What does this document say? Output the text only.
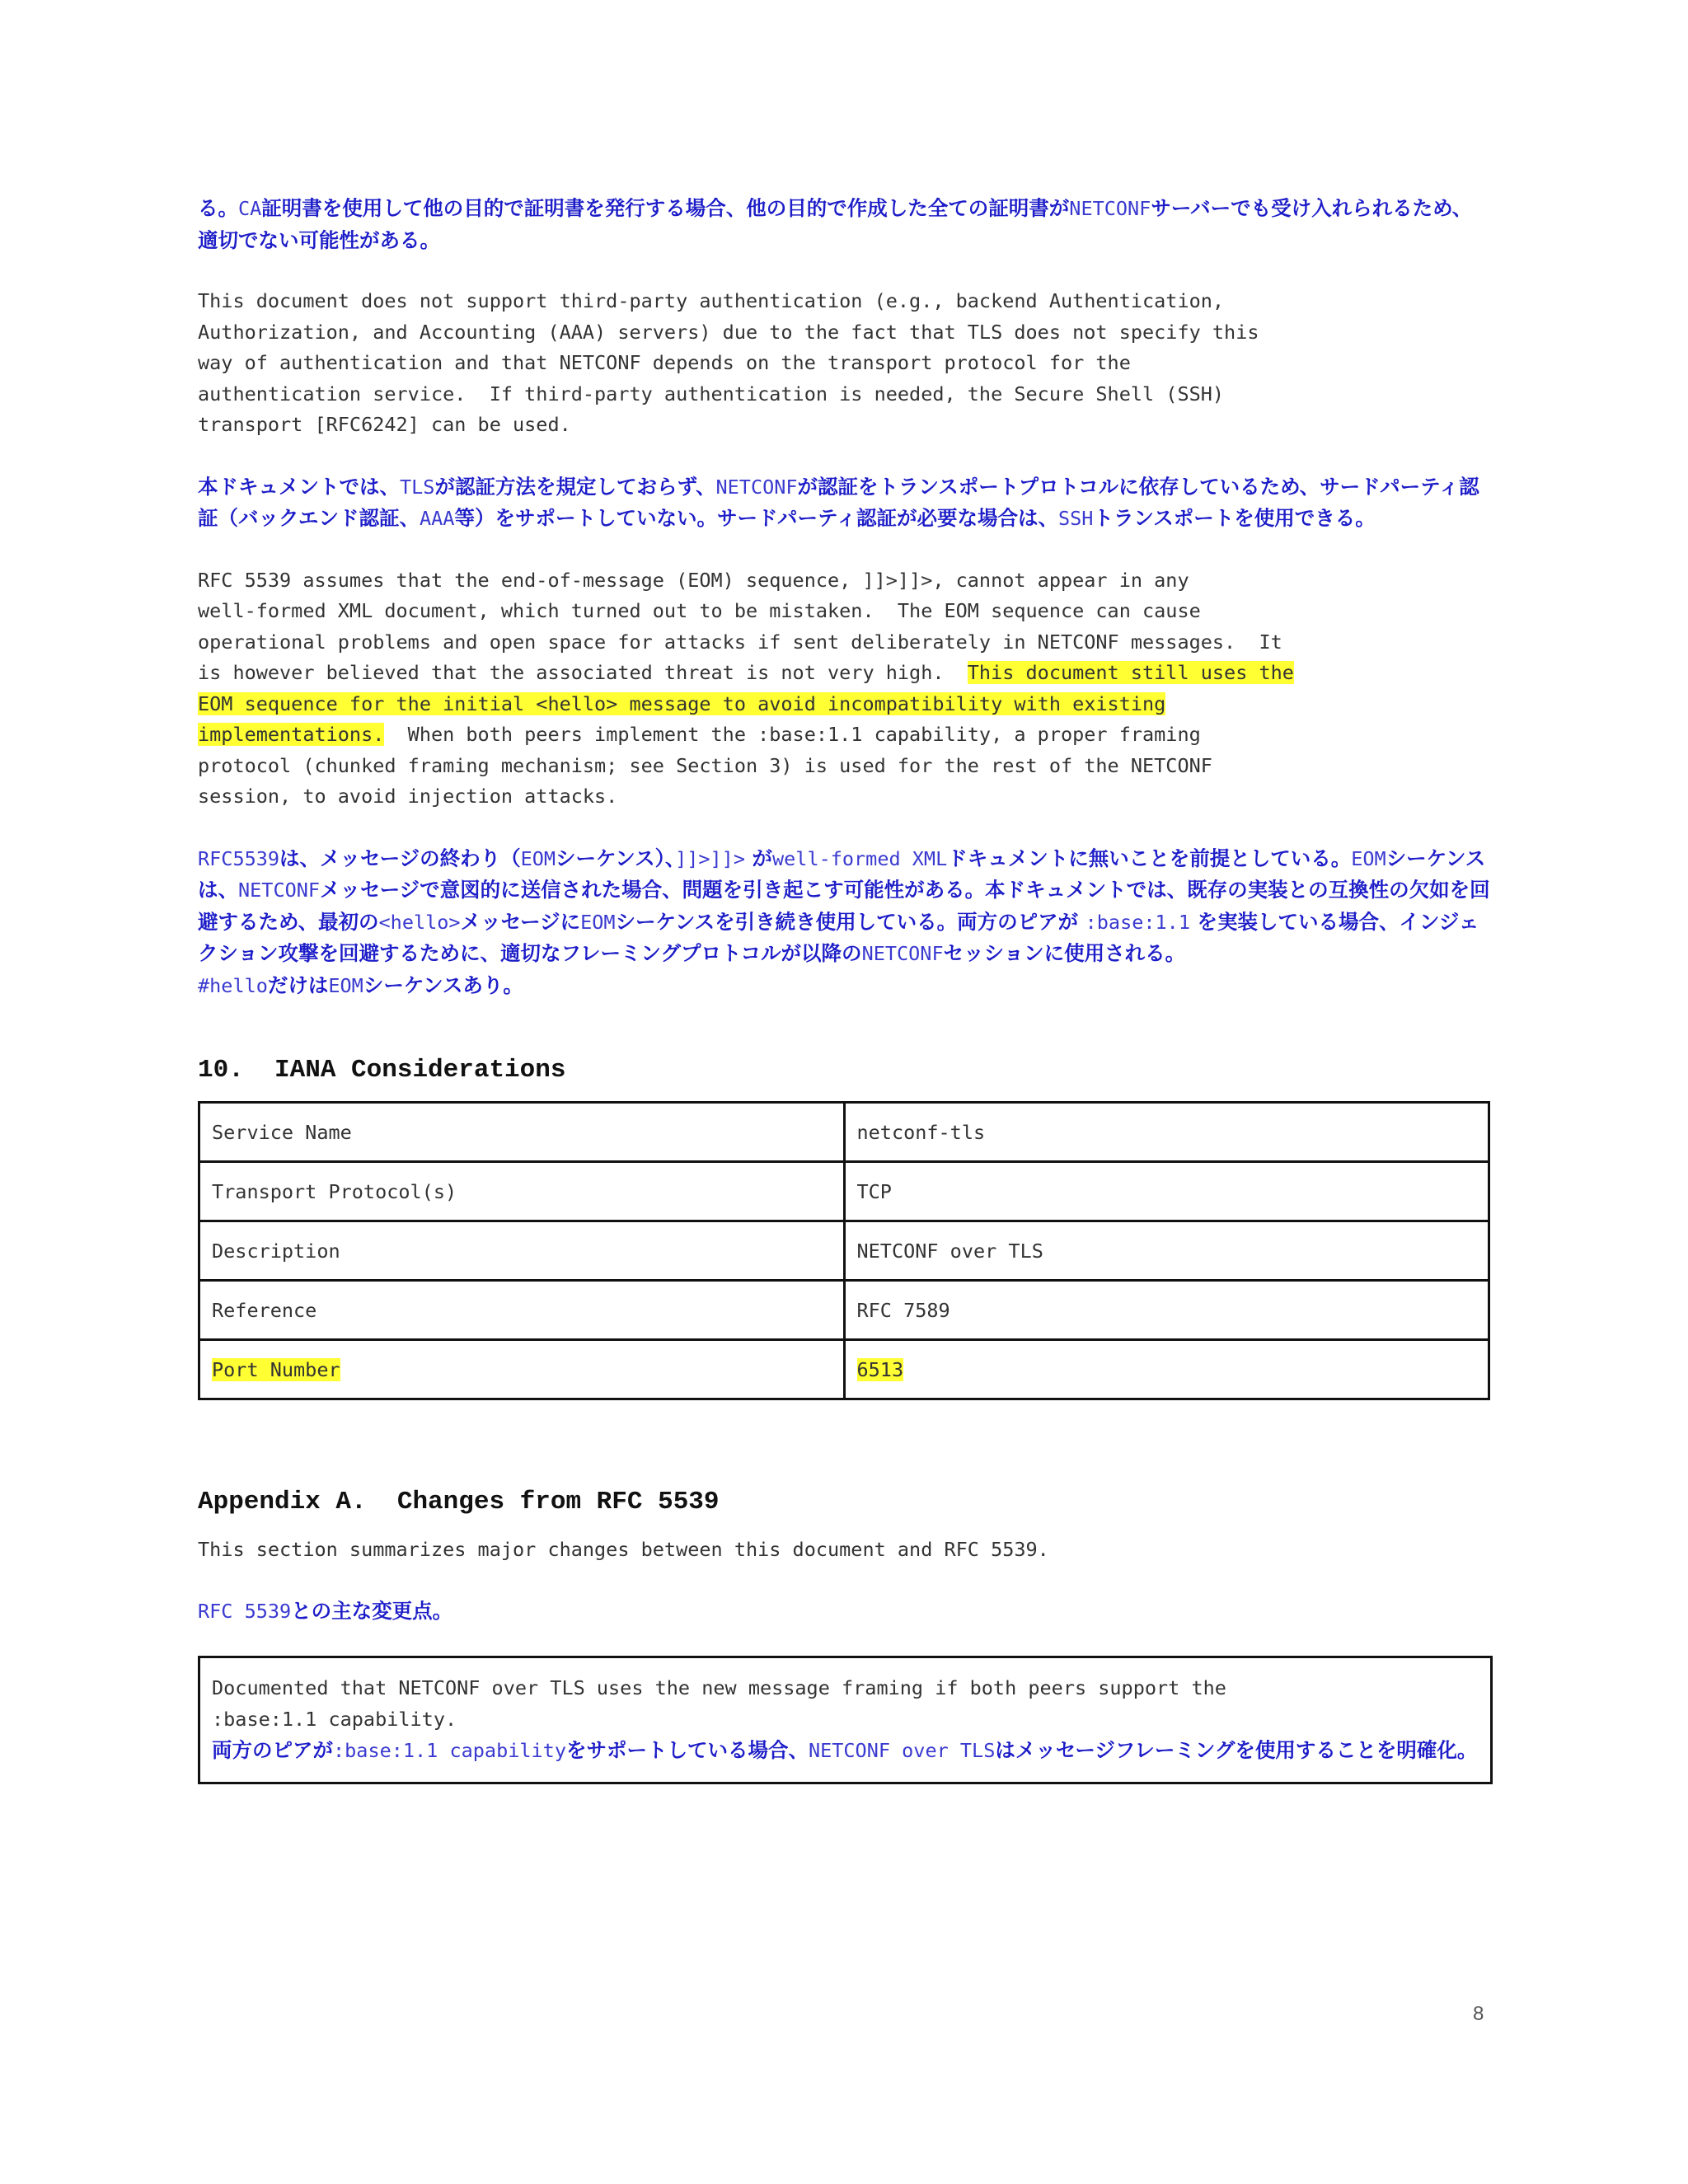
る。CA証明書を使用して他の目的で証明書を発行する場合、他の目的で作成した全ての証明書がNETCONFサーバーでも受け入れられるため、適切でない可能性がある。

This document does not support third-party authentication (e.g., backend Authentication,
Authorization, and Accounting (AAA) servers) due to the fact that TLS does not specify this
way of authentication and that NETCONF depends on the transport protocol for the
authentication service.  If third-party authentication is needed, the Secure Shell (SSH)
transport [RFC6242] can be used.

本ドキュメントでは、TLSが認証方法を規定しておらず、NETCONFが認証をトランスポートプロトコルに依存しているため、サードパーティ認証（バックエンド認証、AAA等）をサポートしていない。サードパーティ認証が必要な場合は、SSHトランスポートを使用できる。

RFC 5539 assumes that the end-of-message (EOM) sequence, ]]>]]>, cannot appear in any
well-formed XML document, which turned out to be mistaken.  The EOM sequence can cause
operational problems and open space for attacks if sent deliberately in NETCONF messages.  It
is however believed that the associated threat is not very high.  This document still uses the
EOM sequence for the initial <hello> message to avoid incompatibility with existing
implementations.  When both peers implement the :base:1.1 capability, a proper framing
protocol (chunked framing mechanism; see Section 3) is used for the rest of the NETCONF
session, to avoid injection attacks.

RFC5539は、メッセージの終わり（EOMシーケンス）、]]>]]> がwell-formed XMLドキュメントに無いことを前提としている。EOMシーケンスは、NETCONFメッセージで意図的に送信された場合、問題を引き起こす可能性がある。本ドキュメントでは、既存の実装との互換性の欠如を回避するため、最初の<hello>メッセージにEOMシーケンスを引き続き使用している。両方のピアが :base:1.1 を実装している場合、インジェクション攻撃を回避するために、適切なフレーミングプロトコルが以降のNETCONFセッションに使用される。
#helloだけはEOMシーケンスあり。

10.  IANA Considerations
Service Name	netconf-tls
Transport Protocol(s)	TCP
Description	NETCONF over TLS
Reference	RFC 7589
Port Number	6513
Appendix A.  Changes from RFC 5539

This section summarizes major changes between this document and RFC 5539.

RFC 5539との主な変更点。

Documented that NETCONF over TLS uses the new message framing if both peers support the
:base:1.1 capability.

両方のピアが:base:1.1 capabilityをサポートしている場合、NETCONF over TLSはメッセージフレーミングを使用することを明確化。

8
